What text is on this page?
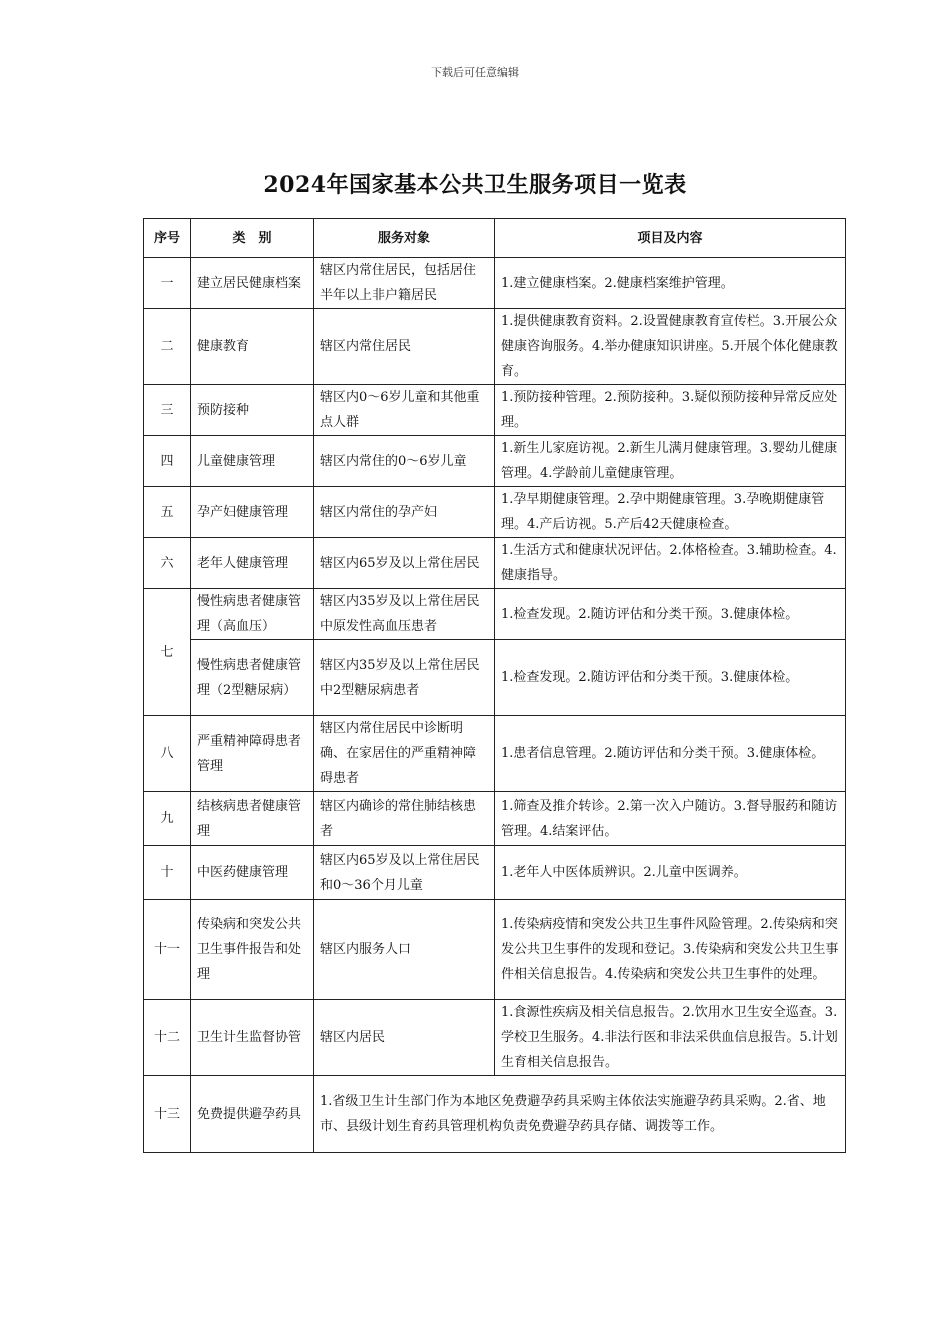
下载后可任意编辑
2024年国家基本公共卫生服务项目一览表
序号	类　别	服务对象	项目及内容
一	建立居民健康档案	辖区内常住居民，包括居住半年以上非户籍居民	1.建立健康档案。2.健康档案维护管理。
二	健康教育	辖区内常住居民	1.提供健康教育资料。2.设置健康教育宣传栏。3.开展公众健康咨询服务。4.举办健康知识讲座。5.开展个体化健康教育。
三	预防接种	辖区内0～6岁儿童和其他重点人群	1.预防接种管理。2.预防接种。3.疑似预防接种异常反应处理。
四	儿童健康管理	辖区内常住的0～6岁儿童	1.新生儿家庭访视。2.新生儿满月健康管理。3.婴幼儿健康管理。4.学龄前儿童健康管理。
五	孕产妇健康管理	辖区内常住的孕产妇	1.孕早期健康管理。2.孕中期健康管理。3.孕晚期健康管理。4.产后访视。5.产后42天健康检查。
六	老年人健康管理	辖区内65岁及以上常住居民	1.生活方式和健康状况评估。2.体格检查。3.辅助检查。4.健康指导。
七	慢性病患者健康管理（高血压）	辖区内35岁及以上常住居民中原发性高血压患者	1.检查发现。2.随访评估和分类干预。3.健康体检。
	慢性病患者健康管理（2型糖尿病）	辖区内35岁及以上常住居民中2型糖尿病患者	1.检查发现。2.随访评估和分类干预。3.健康体检。
八	严重精神障碍患者管理	辖区内常住居民中诊断明确、在家居住的严重精神障碍患者	1.患者信息管理。2.随访评估和分类干预。3.健康体检。
九	结核病患者健康管理	辖区内确诊的常住肺结核患者	1.筛查及推介转诊。2.第一次入户随访。3.督导服药和随访管理。4.结案评估。
十	中医药健康管理	辖区内65岁及以上常住居民和0～36个月儿童	1.老年人中医体质辨识。2.儿童中医调养。
十一	传染病和突发公共卫生事件报告和处理	辖区内服务人口	1.传染病疫情和突发公共卫生事件风险管理。2.传染病和突发公共卫生事件的发现和登记。3.传染病和突发公共卫生事件相关信息报告。4.传染病和突发公共卫生事件的处理。
十二	卫生计生监督协管	辖区内居民	1.食源性疾病及相关信息报告。2.饮用水卫生安全巡查。3.学校卫生服务。4.非法行医和非法采供血信息报告。5.计划生育相关信息报告。
十三	免费提供避孕药具	1.省级卫生计生部门作为本地区免费避孕药具采购主体依法实施避孕药具采购。2.省、地市、县级计划生育药具管理机构负责免费避孕药具存储、调拨等工作。	
